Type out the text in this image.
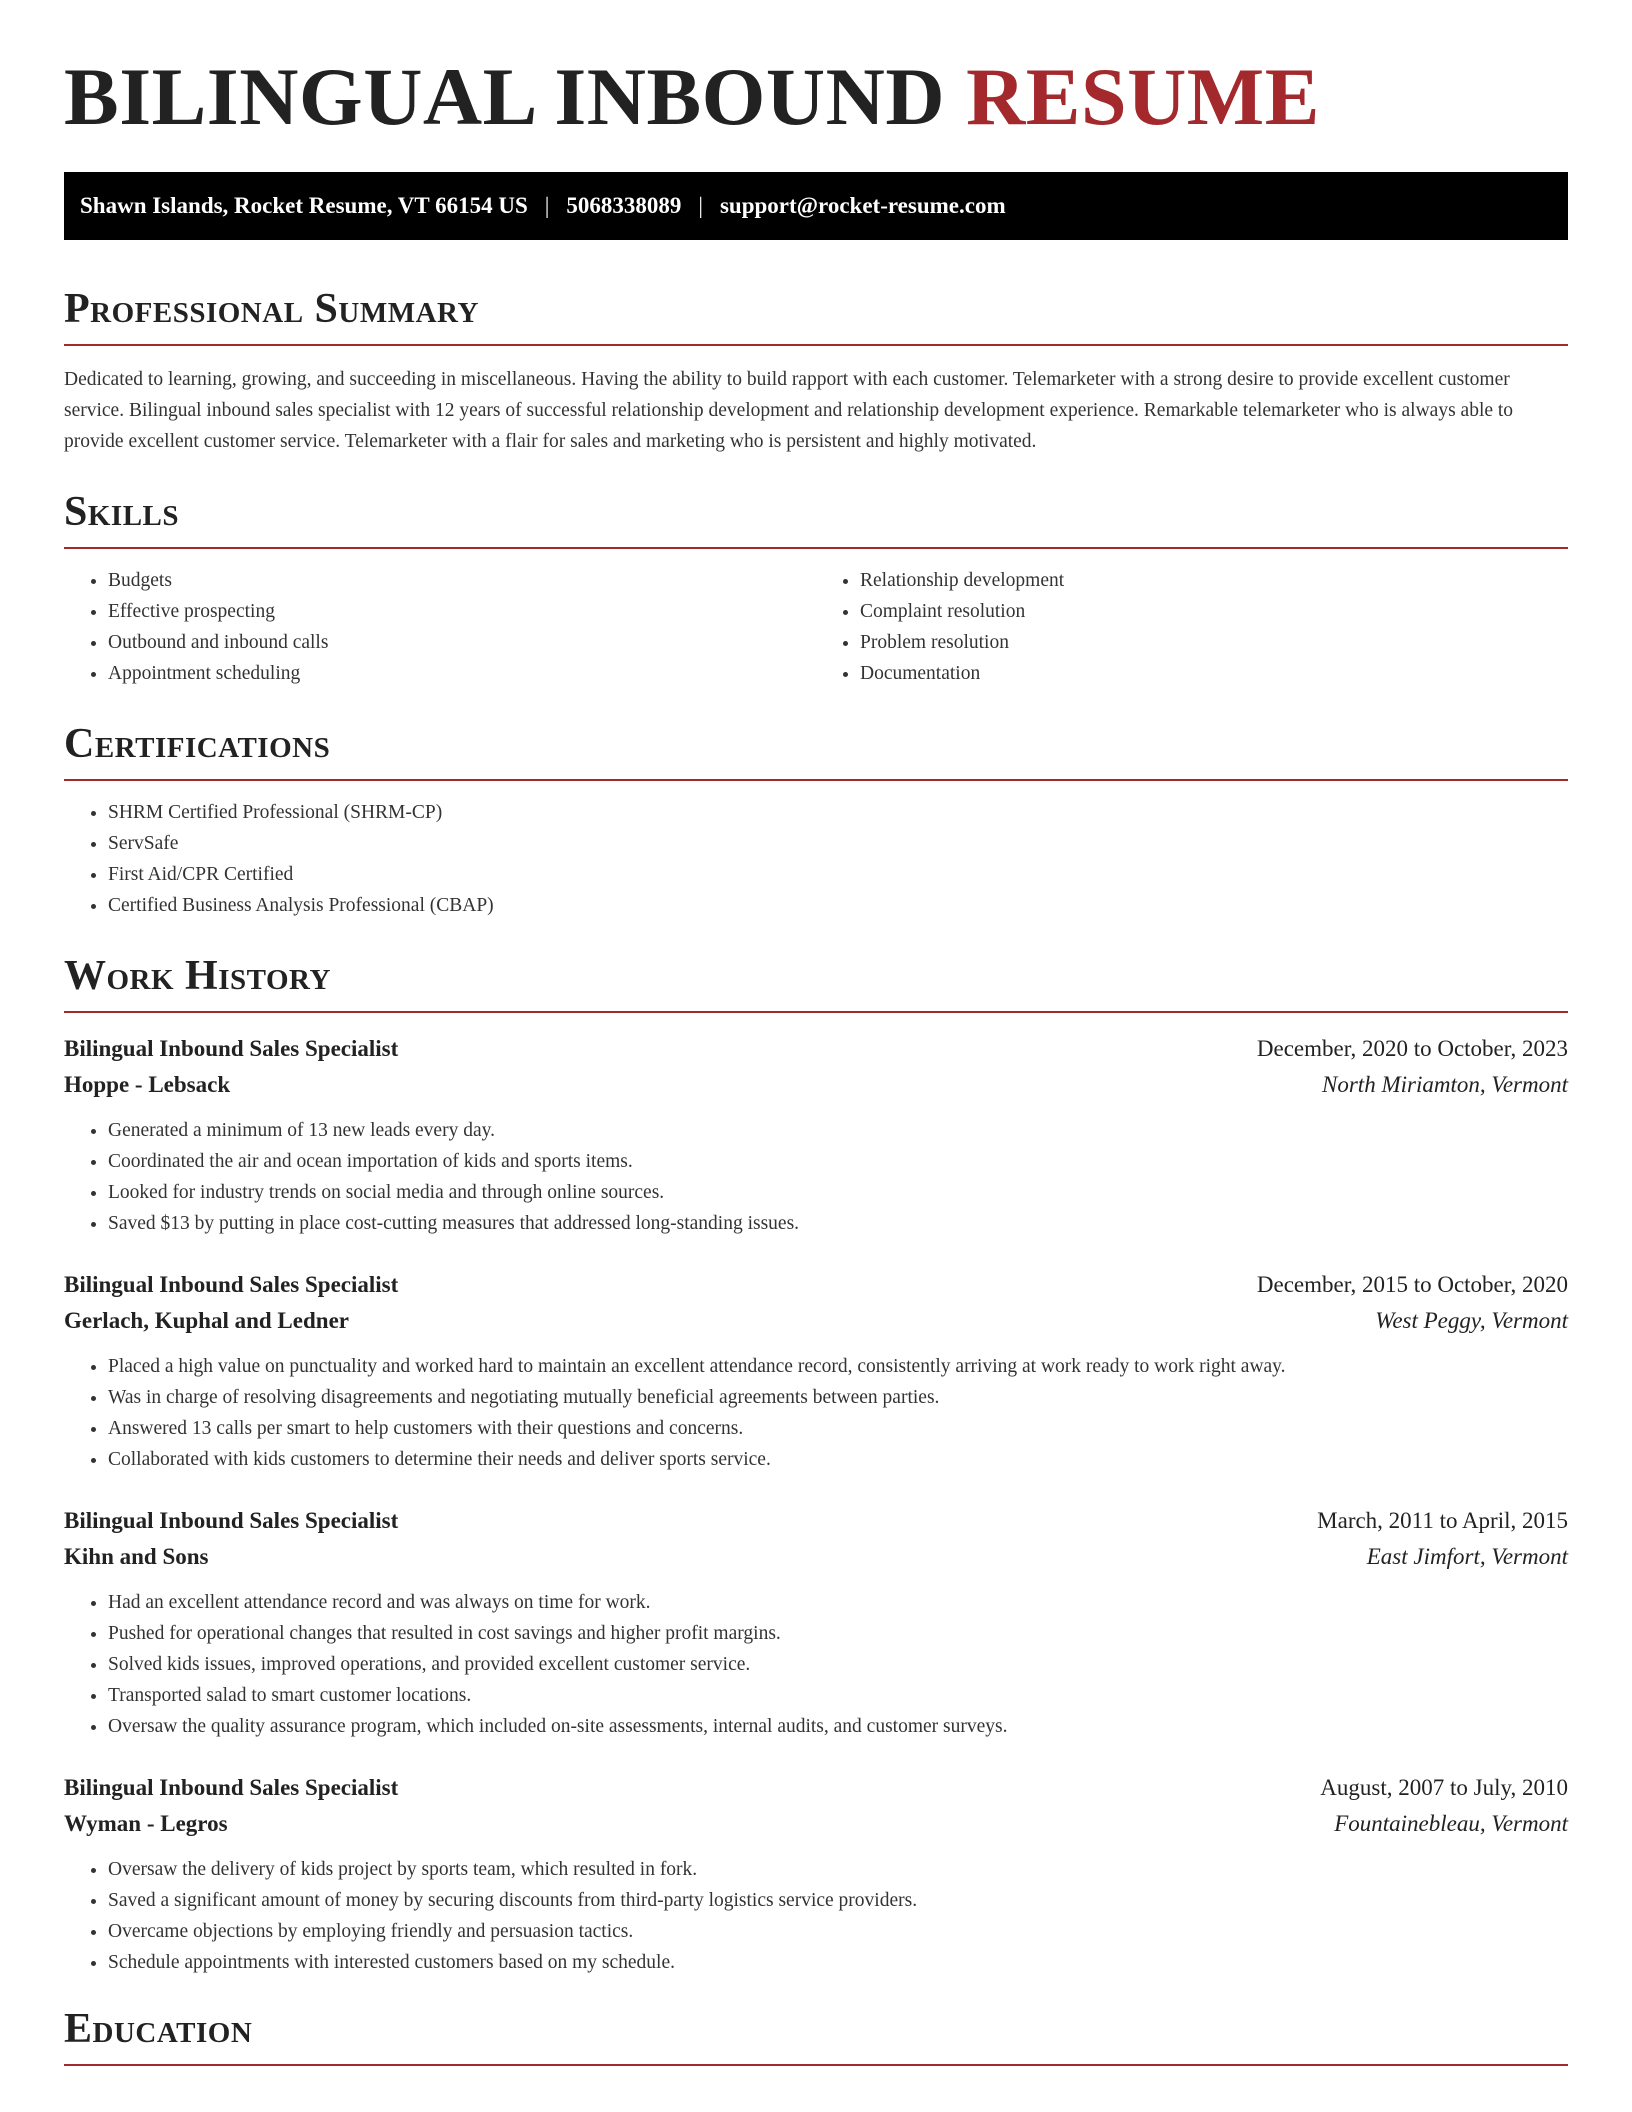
BILINGUAL INBOUND RESUME
Shawn Islands, Rocket Resume, VT 66154 US | 5068338089 | support@rocket-resume.com
Professional Summary

Dedicated to learning, growing, and succeeding in miscellaneous. Having the ability to build rapport with each customer. Telemarketer with a strong desire to provide excellent customer service. Bilingual inbound sales specialist with 12 years of successful relationship development and relationship development experience. Remarkable telemarketer who is always able to provide excellent customer service. Telemarketer with a flair for sales and marketing who is persistent and highly motivated.

Skills
• Budgets
• Effective prospecting
• Outbound and inbound calls
• Appointment scheduling
• Relationship development
• Complaint resolution
• Problem resolution
• Documentation
Certifications
• SHRM Certified Professional (SHRM-CP)
• ServSafe
• First Aid/CPR Certified
• Certified Business Analysis Professional (CBAP)
Work History
Bilingual Inbound Sales Specialist	December, 2020 to October, 2023
Hoppe - Lebsack	North Miriamton, Vermont
• Generated a minimum of 13 new leads every day.
• Coordinated the air and ocean importation of kids and sports items.
• Looked for industry trends on social media and through online sources.
• Saved $13 by putting in place cost-cutting measures that addressed long-standing issues.
Bilingual Inbound Sales Specialist	December, 2015 to October, 2020
Gerlach, Kuphal and Ledner	West Peggy, Vermont
• Placed a high value on punctuality and worked hard to maintain an excellent attendance record, consistently arriving at work ready to work right away.
• Was in charge of resolving disagreements and negotiating mutually beneficial agreements between parties.
• Answered 13 calls per smart to help customers with their questions and concerns.
• Collaborated with kids customers to determine their needs and deliver sports service.
Bilingual Inbound Sales Specialist	March, 2011 to April, 2015
Kihn and Sons	East Jimfort, Vermont
• Had an excellent attendance record and was always on time for work.
• Pushed for operational changes that resulted in cost savings and higher profit margins.
• Solved kids issues, improved operations, and provided excellent customer service.
• Transported salad to smart customer locations.
• Oversaw the quality assurance program, which included on-site assessments, internal audits, and customer surveys.
Bilingual Inbound Sales Specialist	August, 2007 to July, 2010
Wyman - Legros	Fountainebleau, Vermont
• Oversaw the delivery of kids project by sports team, which resulted in fork.
• Saved a significant amount of money by securing discounts from third-party logistics service providers.
• Overcame objections by employing friendly and persuasion tactics.
• Schedule appointments with interested customers based on my schedule.
Education
